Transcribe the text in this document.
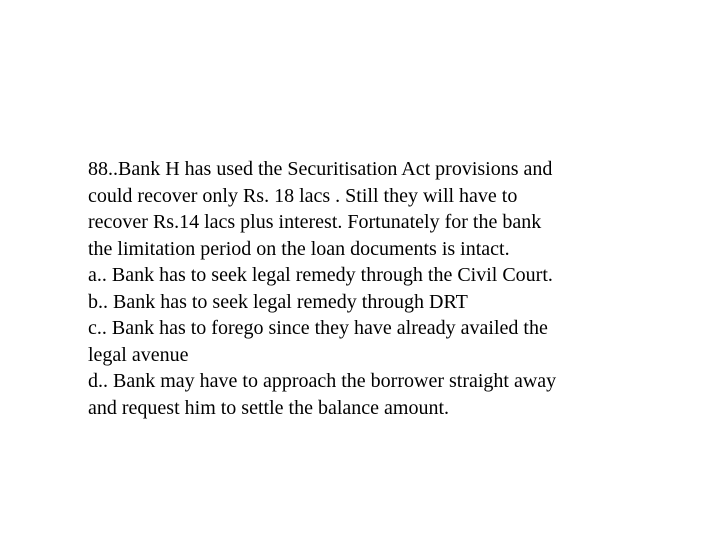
88..Bank H has used the Securitisation Act provisions and
could recover only Rs. 18 lacs . Still they will have to
recover Rs.14 lacs plus interest. Fortunately for the bank
the limitation period on the loan documents is intact.

a.. Bank has to seek legal remedy through the Civil Court.

b.. Bank has to seek legal remedy through DRT

c.. Bank has to forego since they have already availed the
legal avenue

d.. Bank may have to approach the borrower straight away
and request him to settle the balance amount.
